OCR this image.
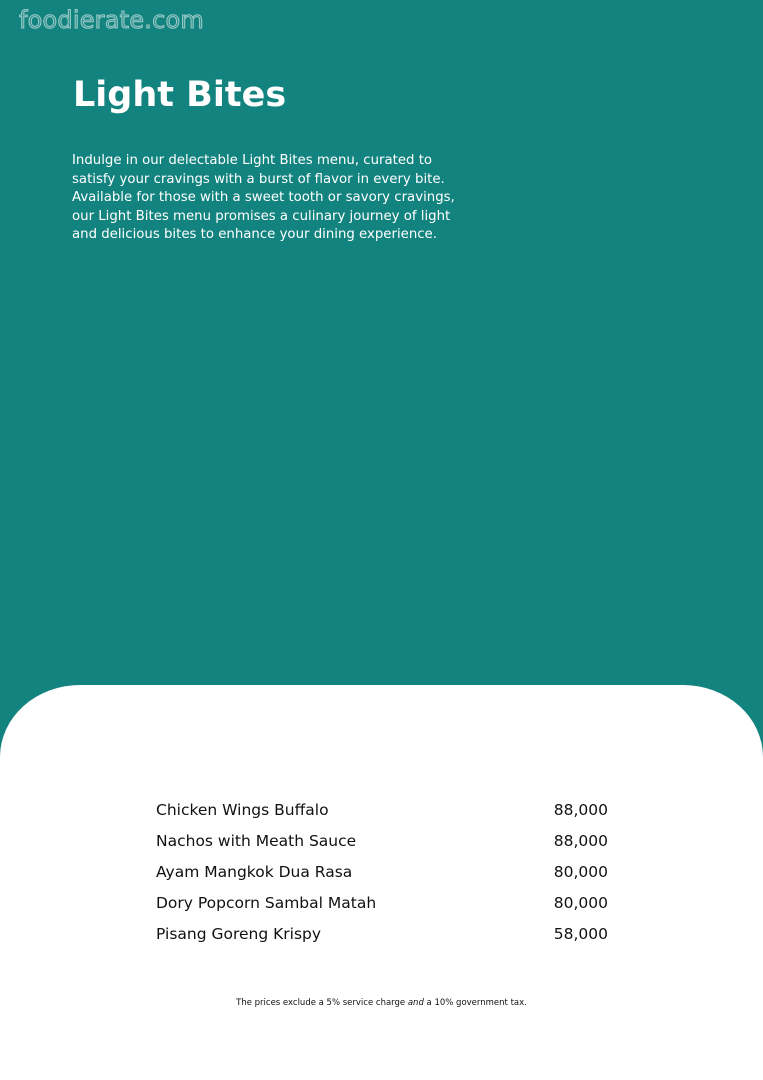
foodierate.com
Light Bites

Indulge in our delectable Light Bites menu, curated to satisfy your cravings with a burst of flavor in every bite. Available for those with a sweet tooth or savory cravings, our Light Bites menu promises a culinary journey of light and delicious bites to enhance your dining experience.

Chicken Wings Buffalo	88,000
Nachos with Meath Sauce	88,000
Ayam Mangkok Dua Rasa	80,000
Dory Popcorn Sambal Matah	80,000
Pisang Goreng Krispy	58,000
The prices exclude a 5% service charge and a 10% government tax.
